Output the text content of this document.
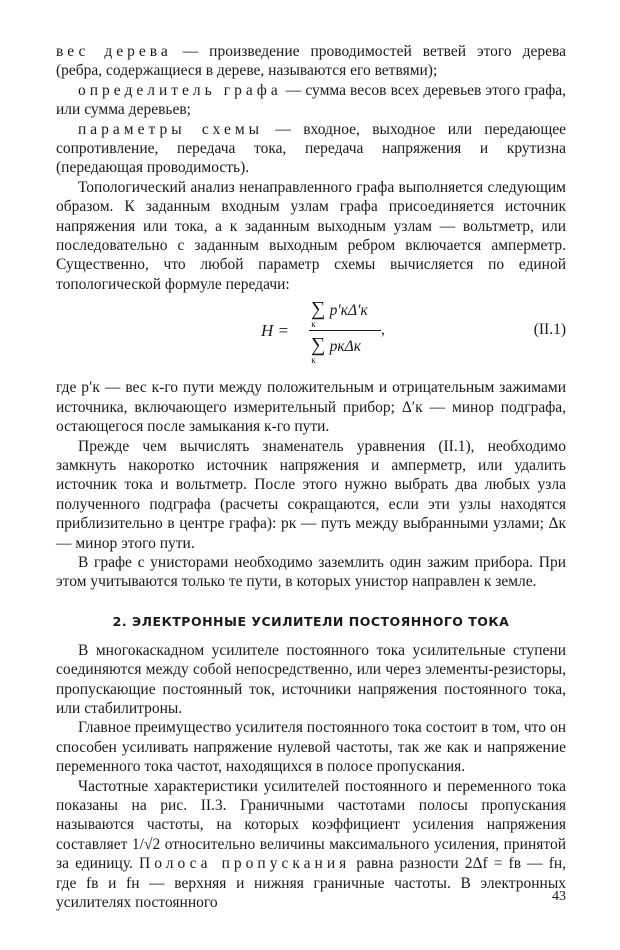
вес дерева — произведение проводимостей ветвей этого дерева (ребра, содержащиеся в дереве, называются его ветвями);

определитель графа — сумма весов всех деревьев этого графа, или сумма деревьев;

параметры схемы — входное, выходное или передающее сопротивление, передача тока, передача напряжения и крутизна (передающая проводимость).

Топологический анализ ненаправленного графа выполняется следующим образом. К заданным входным узлам графа присоединяется источник напряжения или тока, а к заданным выходным узлам — вольтметр, или последовательно с заданным выходным ребром включается амперметр. Существенно, что любой параметр схемы вычисляется по единой топологической формуле передачи:

H =
$\sum_кp'к\Delta'к$
$\sum_кpк\Delta к$
,	(II.1)

где p′к — вес к-го пути между положительным и отрицательным зажимами источника, включающего измерительный прибор; Δ′к — минор подграфа, остающегося после замыкания к-го пути.

Прежде чем вычислять знаменатель уравнения (II.1), необходимо замкнуть накоротко источник напряжения и амперметр, или удалить источник тока и вольтметр. После этого нужно выбрать два любых узла полученного подграфа (расчеты сокращаются, если эти узлы находятся приблизительно в центре графа): pк — путь между выбранными узлами; Δк — минор этого пути.

В графе с унисторами необходимо заземлить один зажим прибора. При этом учитываются только те пути, в которых унистор направлен к земле.

2. ЭЛЕКТРОННЫЕ УСИЛИТЕЛИ ПОСТОЯННОГО ТОКА

В многокаскадном усилителе постоянного тока усилительные ступени соединяются между собой непосредственно, или через элементы-резисторы, пропускающие постоянный ток, источники напряжения постоянного тока, или стабилитроны.

Главное преимущество усилителя постоянного тока состоит в том, что он способен усиливать напряжение нулевой частоты, так же как и напряжение переменного тока частот, находящихся в полосе пропускания.

Частотные характеристики усилителей постоянного и переменного тока показаны на рис. II.3. Граничными частотами полосы пропускания называются частоты, на которых коэффициент усиления напряжения составляет 1/√2 относительно величины максимального усиления, принятой за единицу. Полоса пропускания равна разности 2Δf = fв — fн, где fв и fн — верхняя и нижняя граничные частоты. В электронных усилителях постоянного	43
